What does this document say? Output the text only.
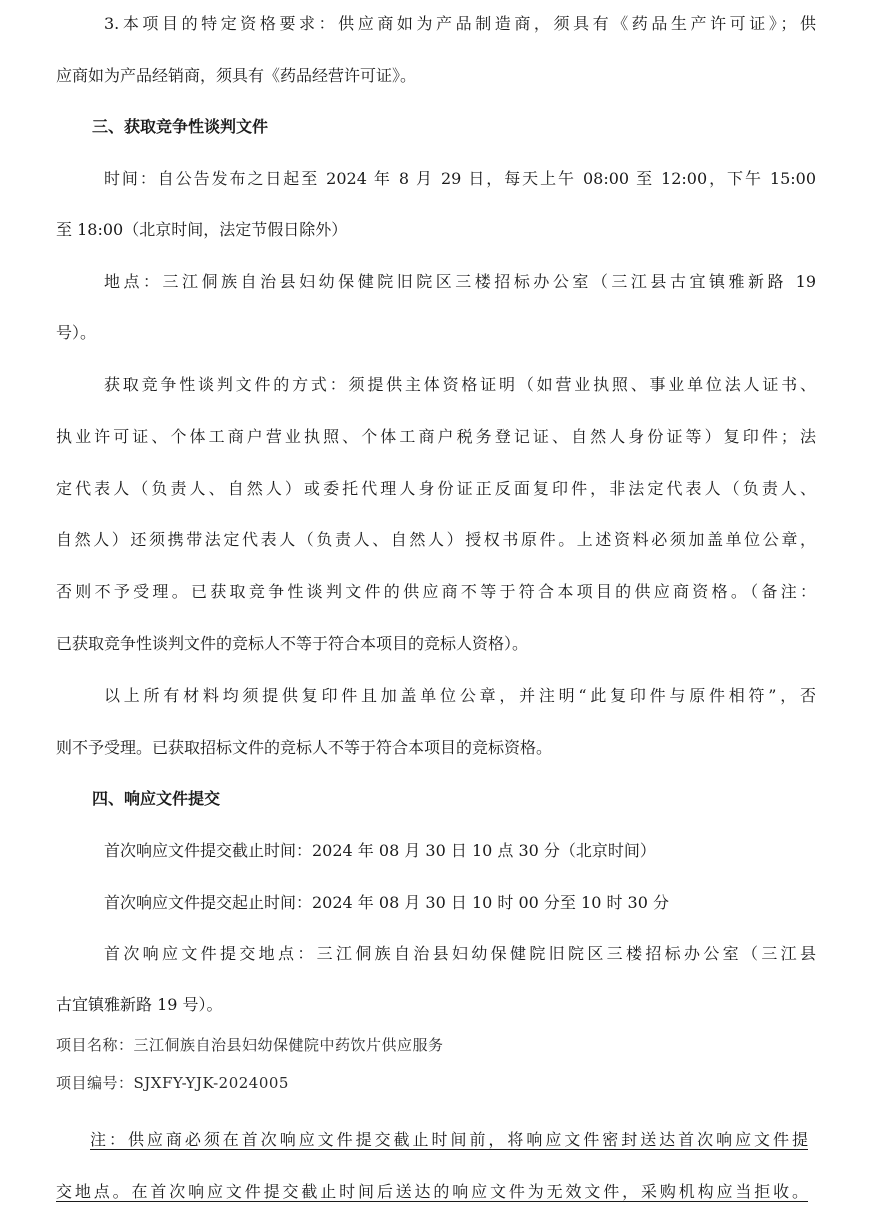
3.本项目的特定资格要求：供应商如为产品制造商，须具有《药品生产许可证》；供
应商如为产品经销商，须具有《药品经营许可证》。
三、获取竞争性谈判文件
时间：自公告发布之日起至 2024 年 8 月 29 日，每天上午 08:00 至 12:00，下午 15:00
至 18:00（北京时间，法定节假日除外）
地点：三江侗族自治县妇幼保健院旧院区三楼招标办公室（三江县古宜镇雅新路 19
号）。
获取竞争性谈判文件的方式：须提供主体资格证明（如营业执照、事业单位法人证书、
执业许可证、个体工商户营业执照、个体工商户税务登记证、自然人身份证等）复印件；法
定代表人（负责人、自然人）或委托代理人身份证正反面复印件，非法定代表人（负责人、
自然人）还须携带法定代表人（负责人、自然人）授权书原件。上述资料必须加盖单位公章，
否则不予受理。已获取竞争性谈判文件的供应商不等于符合本项目的供应商资格。（备注：
已获取竞争性谈判文件的竞标人不等于符合本项目的竞标人资格）。
以上所有材料均须提供复印件且加盖单位公章，并注明“此复印件与原件相符”，否
则不予受理。已获取招标文件的竞标人不等于符合本项目的竞标资格。
四、响应文件提交
首次响应文件提交截止时间：2024 年 08 月 30 日 10 点 30 分（北京时间）
首次响应文件提交起止时间：2024 年 08 月 30 日 10 时 00 分至 10 时 30 分
首次响应文件提交地点：三江侗族自治县妇幼保健院旧院区三楼招标办公室（三江县
古宜镇雅新路 19 号）。
项目名称：三江侗族自治县妇幼保健院中药饮片供应服务
项目编号：SJXFY-YJK-2024005
注：供应商必须在首次响应文件提交截止时间前，将响应文件密封送达首次响应文件提
交地点。在首次响应文件提交截止时间后送达的响应文件为无效文件，采购机构应当拒收。
